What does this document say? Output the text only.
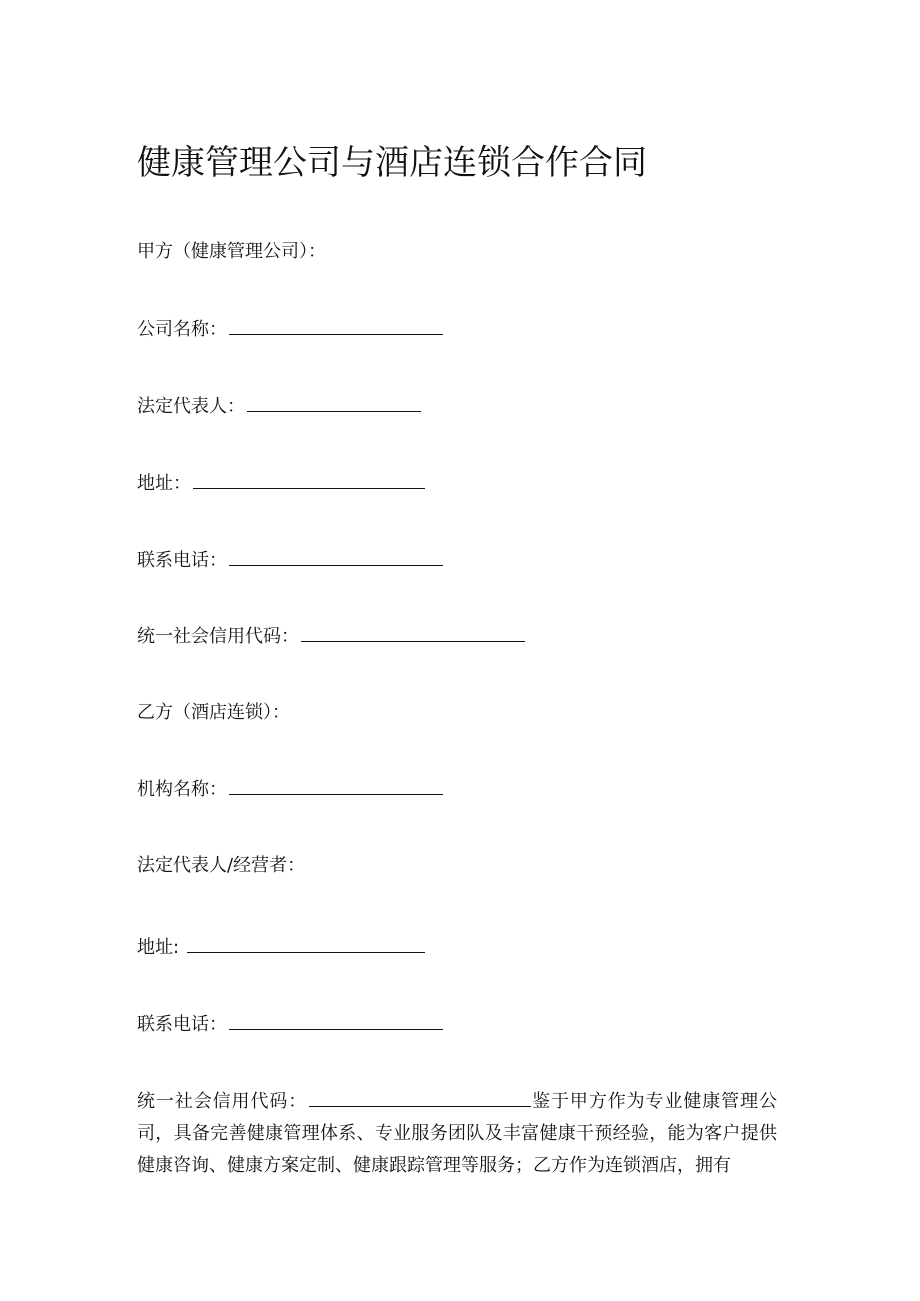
健康管理公司与酒店连锁合作合同
甲方（健康管理公司）：
公司名称：
法定代表人：
地址：
联系电话：
统一社会信用代码：
乙方（酒店连锁）：
机构名称：
法定代表人/经营者：
地址:
联系电话：
统一社会信用代码：	鉴于甲方作为专业健康管理公司，具备完善健康管理体系、专业服务团队及丰富健康干预经验，能为客户提供健康咨询、健康方案定制、健康跟踪管理等服务；乙方作为连锁酒店，拥有
